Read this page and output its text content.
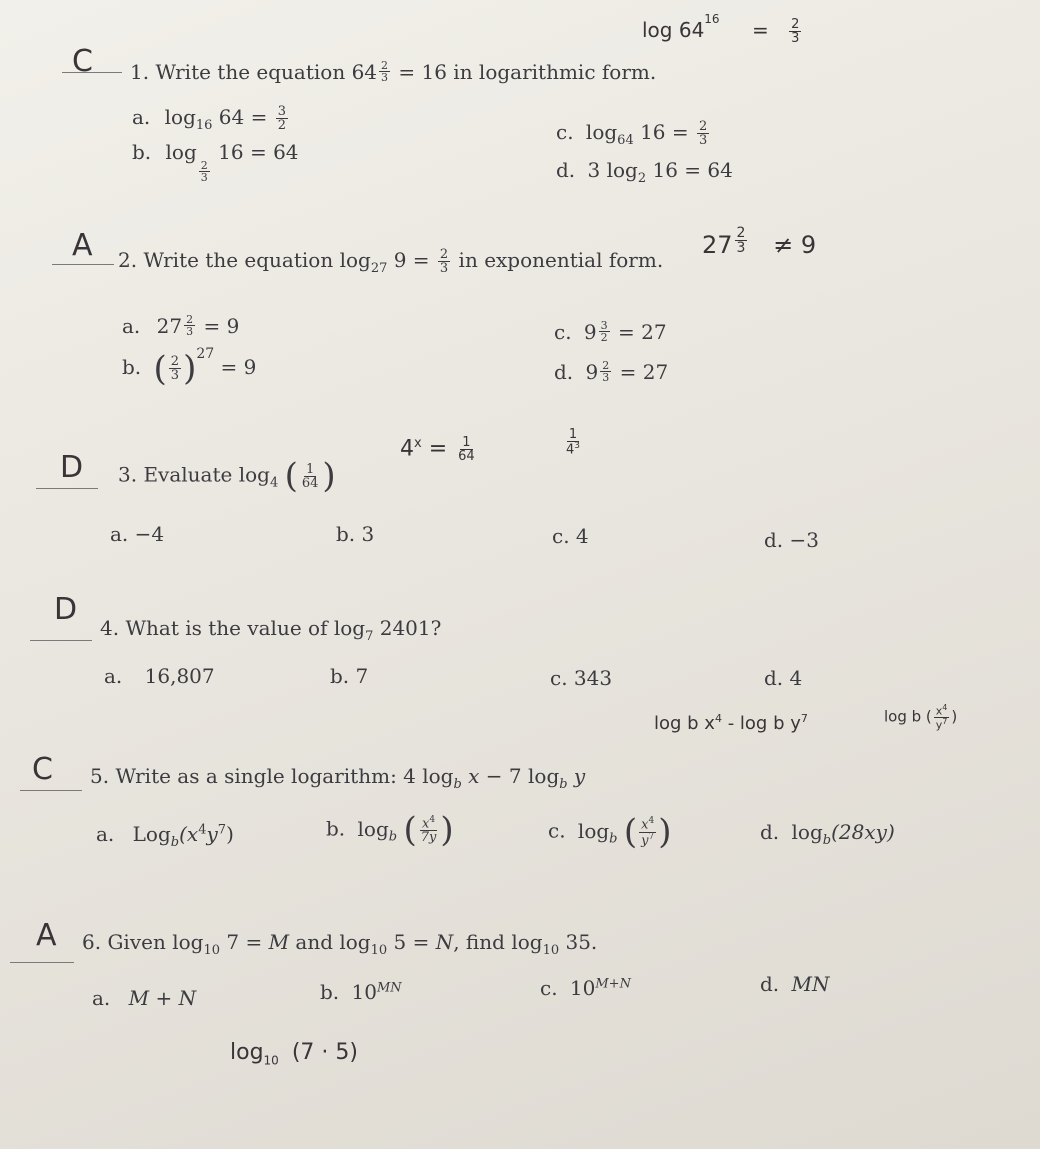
$\log 64^{16} = \frac{2}{3}$
C 1. Write the equation $64 \frac{2}{3} = 16$ in logarithmic form.
a. $\log_{16} 64 = \frac{3}{2}$
b. log
$\frac{2}{3}$
16 = 64
c. $\log_{64} 16 = \frac{2}{3}$
d. 3 $\log_2 16 = 64$
A 2. Write the equation $\log_{27} 9 = \frac{2}{3}$ in exponential form.
$27 \frac{2}{3} \ne 9$
a. $27 \frac{2}{3} = 9$
b. ( $\frac{2}{3} )^{27} = 9$
c. $9 \frac{3}{2} = 27$
d. $9 \frac{2}{3} = 27$
D 3. Evaluate $\log_4$ ( $\frac{1}{64}$ )
$4^x = \frac{1}{64}$	$\frac{1}{4^3}$
a. −4	b. 3	c. 4	d. −3
D
4. What is the value of $\log_7 2401$?
a. 16,807	b. 7	c. 343	d. 4
log b $x^4$ - log b $y^7$	log b ( $\frac{x^4}{y^7}$ )
C 5. Write as a single logarithm: 4 $\log_b x - 7$ $\log_b y$
a. $Log_b(x^4y^7)$	b. $\log_b$ ( $\frac{x^4}{7y}$ )	c. $\log_b$ ( $\frac{x^4}{y^7}$ )	d. $\log_b(28xy)$
A 6. Given $\log_{10} 7 = M$ and $\log_{10} 5 = N$, find $\log_{10} 35$.
a. M + N	b. $10^{MN}$	c. $10^{M+N}$	d. MN
$\log_{10} (7 \cdot 5)$
